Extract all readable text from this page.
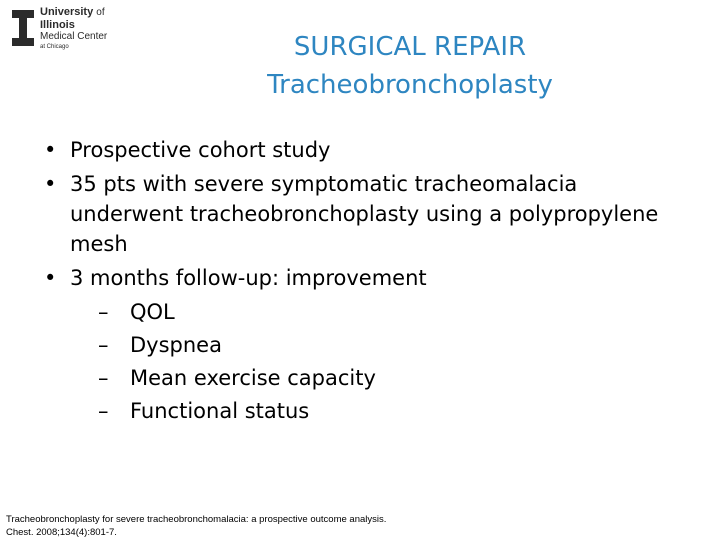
University of
Illinois
Medical Center
at Chicago	SURGICAL REPAIR
Tracheobronchoplasty
• Prospective cohort study
• 35 pts with severe symptomatic tracheomalacia underwent tracheobronchoplasty using a polypropylene mesh
• 3 months follow-up: improvement
– QOL
– Dyspnea
– Mean exercise capacity
– Functional status
Tracheobronchoplasty for severe tracheobronchomalacia: a prospective outcome analysis.
Chest. 2008;134(4):801-7.
